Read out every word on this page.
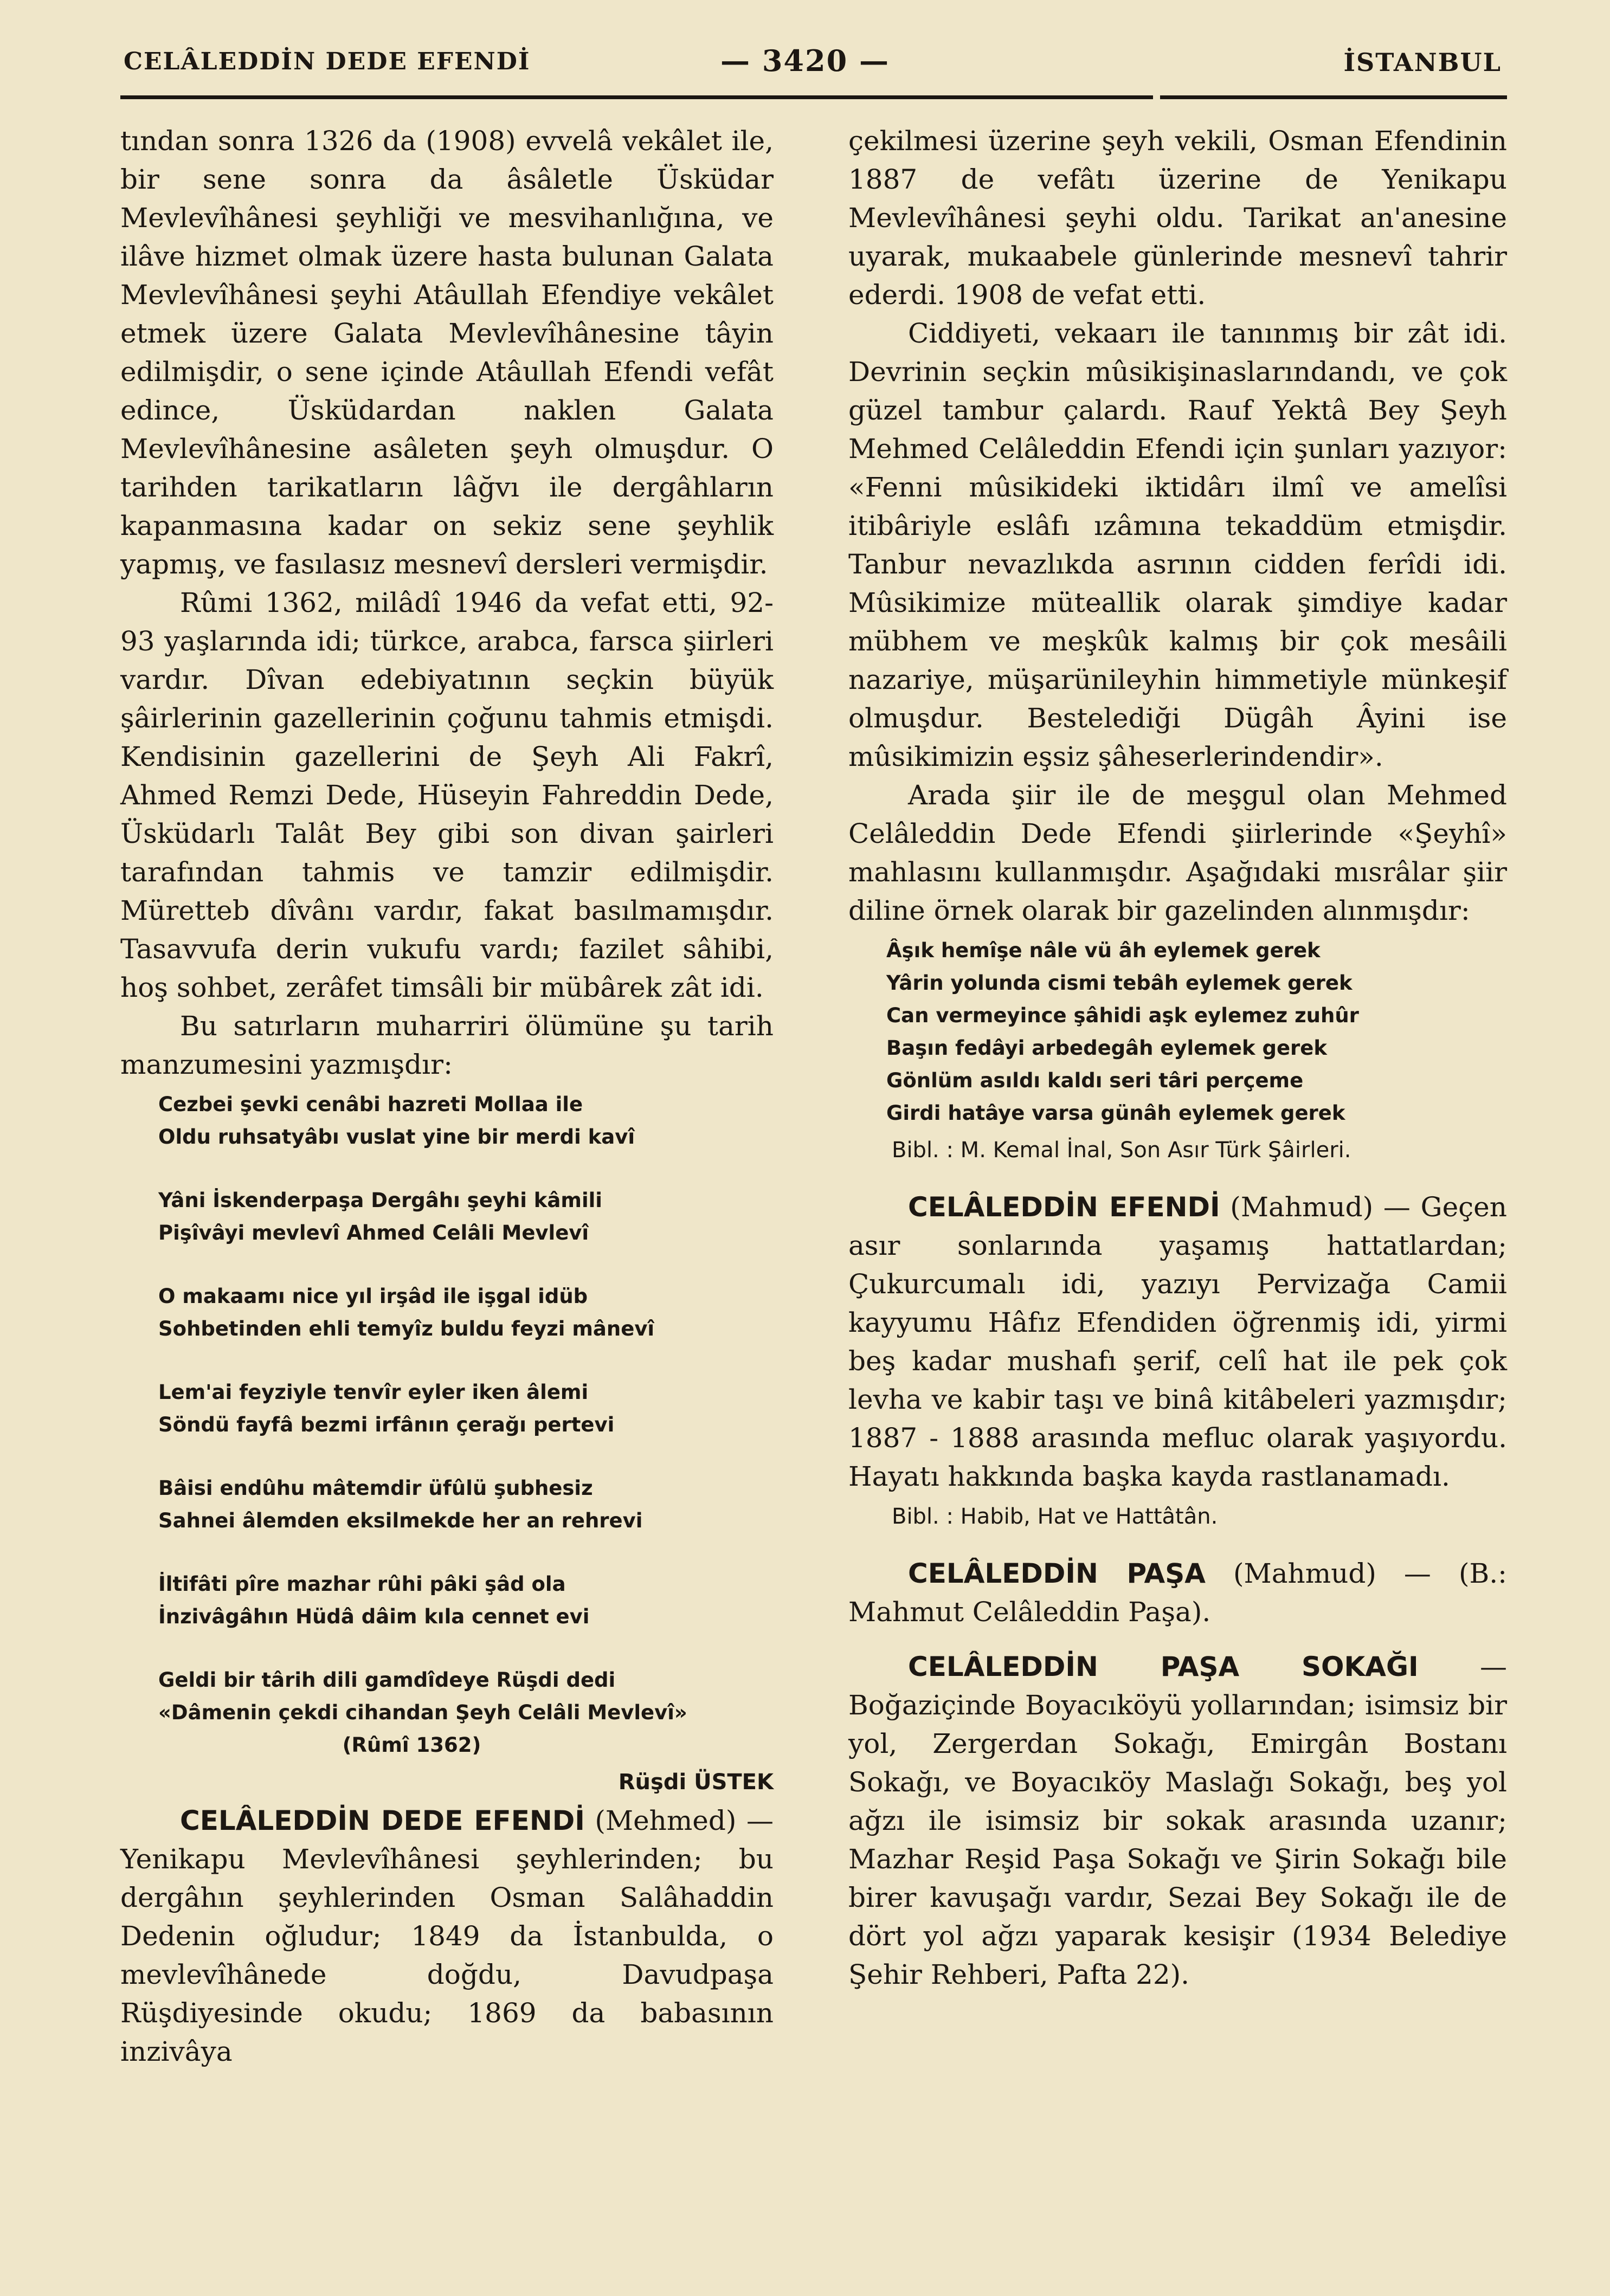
CELÂLEDDİN DEDE EFENDİ	— 3420 —	İSTANBUL

tından sonra 1326 da (1908) evvelâ vekâlet ile, bir sene sonra da âsâletle Üsküdar Mevlevîhânesi şeyhliği ve mesvihanlığına, ve ilâve hizmet olmak üzere hasta bulunan Galata Mevlevîhânesi şeyhi Atâullah Efendiye vekâlet etmek üzere Galata Mevlevîhânesine tâyin edilmişdir, o sene içinde Atâullah Efendi vefât edince, Üsküdardan naklen Galata Mevlevîhânesine asâleten şeyh olmuşdur. O tarihden tarikatların lâğvı ile dergâhların kapanmasına kadar on sekiz sene şeyhlik yapmış, ve fasılasız mesnevî dersleri vermişdir.

Rûmi 1362, milâdî 1946 da vefat etti, 92-93 yaşlarında idi; türkce, arabca, farsca şiirleri vardır. Dîvan edebiyatının seçkin büyük şâirlerinin gazellerinin çoğunu tahmis etmişdi. Kendisinin gazellerini de Şeyh Ali Fakrî, Ahmed Remzi Dede, Hüseyin Fahreddin Dede, Üsküdarlı Talât Bey gibi son divan şairleri tarafından tahmis ve tamzir edilmişdir. Müretteb dîvânı vardır, fakat basılmamışdır. Tasavvufa derin vukufu vardı; fazilet sâhibi, hoş sohbet, zerâfet timsâli bir mübârek zât idi.

Bu satırların muharriri ölümüne şu tarih manzumesini yazmışdır:

Cezbei şevki cenâbi hazreti Mollaa ile
Oldu ruhsatyâbı vuslat yine bir merdi kavî
Yâni İskenderpaşa Dergâhı şeyhi kâmili
Pişîvâyi mevlevî Ahmed Celâli Mevlevî
O makaamı nice yıl irşâd ile işgal idüb
Sohbetinden ehli temyîz buldu feyzi mânevî
Lem'ai feyziyle tenvîr eyler iken âlemi
Söndü fayfâ bezmi irfânın çerağı pertevi
Bâisi endûhu mâtemdir üfûlü şubhesiz
Sahnei âlemden eksilmekde her an rehrevi
İltifâti pîre mazhar rûhi pâki şâd ola
İnzivâgâhın Hüdâ dâim kıla cennet evi
Geldi bir târih dili gamdîdeye Rüşdi dedi
«Dâmenin çekdi cihandan Şeyh Celâli Mevlevî»
(Rûmî 1362)
Rüşdi ÜSTEK

CELÂLEDDİN DEDE EFENDİ (Mehmed) — Yenikapu Mevlevîhânesi şeyhlerinden; bu dergâhın şeyhlerinden Osman Salâhaddin Dedenin oğludur; 1849 da İstanbulda, o mevlevîhânede doğdu, Davudpaşa Rüşdiyesinde okudu; 1869 da babasının inzivâya

çekilmesi üzerine şeyh vekili, Osman Efendinin 1887 de vefâtı üzerine de Yenikapu Mevlevîhânesi şeyhi oldu. Tarikat an'anesine uyarak, mukaabele günlerinde mesnevî tahrir ederdi. 1908 de vefat etti.

Ciddiyeti, vekaarı ile tanınmış bir zât idi. Devrinin seçkin mûsikişinaslarındandı, ve çok güzel tambur çalardı. Rauf Yektâ Bey Şeyh Mehmed Celâleddin Efendi için şunları yazıyor: «Fenni mûsikideki iktidârı ilmî ve amelîsi itibâriyle eslâfı ızâmına tekaddüm etmişdir. Tanbur nevazlıkda asrının cidden ferîdi idi. Mûsikimize müteallik olarak şimdiye kadar mübhem ve meşkûk kalmış bir çok mesâili nazariye, müşarünileyhin himmetiyle münkeşif olmuşdur. Bestelediği Dügâh Âyini ise mûsikimizin eşsiz şâheserlerindendir».

Arada şiir ile de meşgul olan Mehmed Celâleddin Dede Efendi şiirlerinde «Şeyhî» mahlasını kullanmışdır. Aşağıdaki mısrâlar şiir diline örnek olarak bir gazelinden alınmışdır:

Âşık hemîşe nâle vü âh eylemek gerek
Yârin yolunda cismi tebâh eylemek gerek
Can vermeyince şâhidi aşk eylemez zuhûr
Başın fedâyi arbedegâh eylemek gerek
Gönlüm asıldı kaldı seri târi perçeme
Girdi hatâye varsa günâh eylemek gerek
Bibl. : M. Kemal İnal, Son Asır Türk Şâirleri.

CELÂLEDDİN EFENDİ (Mahmud) — Geçen asır sonlarında yaşamış hattatlardan; Çukurcumalı idi, yazıyı Pervizağa Camii kayyumu Hâfız Efendiden öğrenmiş idi, yirmi beş kadar mushafı şerif, celî hat ile pek çok levha ve kabir taşı ve binâ kitâbeleri yazmışdır; 1887 - 1888 arasında mefluc olarak yaşıyordu. Hayatı hakkında başka kayda rastlanamadı.

Bibl. : Habib, Hat ve Hattâtân.

CELÂLEDDİN PAŞA (Mahmud) — (B.: Mahmut Celâleddin Paşa).

CELÂLEDDİN PAŞA SOKAĞI — Boğaziçinde Boyacıköyü yollarından; isimsiz bir yol, Zergerdan Sokağı, Emirgân Bostanı Sokağı, ve Boyacıköy Maslağı Sokağı, beş yol ağzı ile isimsiz bir sokak arasında uzanır; Mazhar Reşid Paşa Sokağı ve Şirin Sokağı bile birer kavuşağı vardır, Sezai Bey Sokağı ile de dört yol ağzı yaparak kesişir (1934 Belediye Şehir Rehberi, Pafta 22).
